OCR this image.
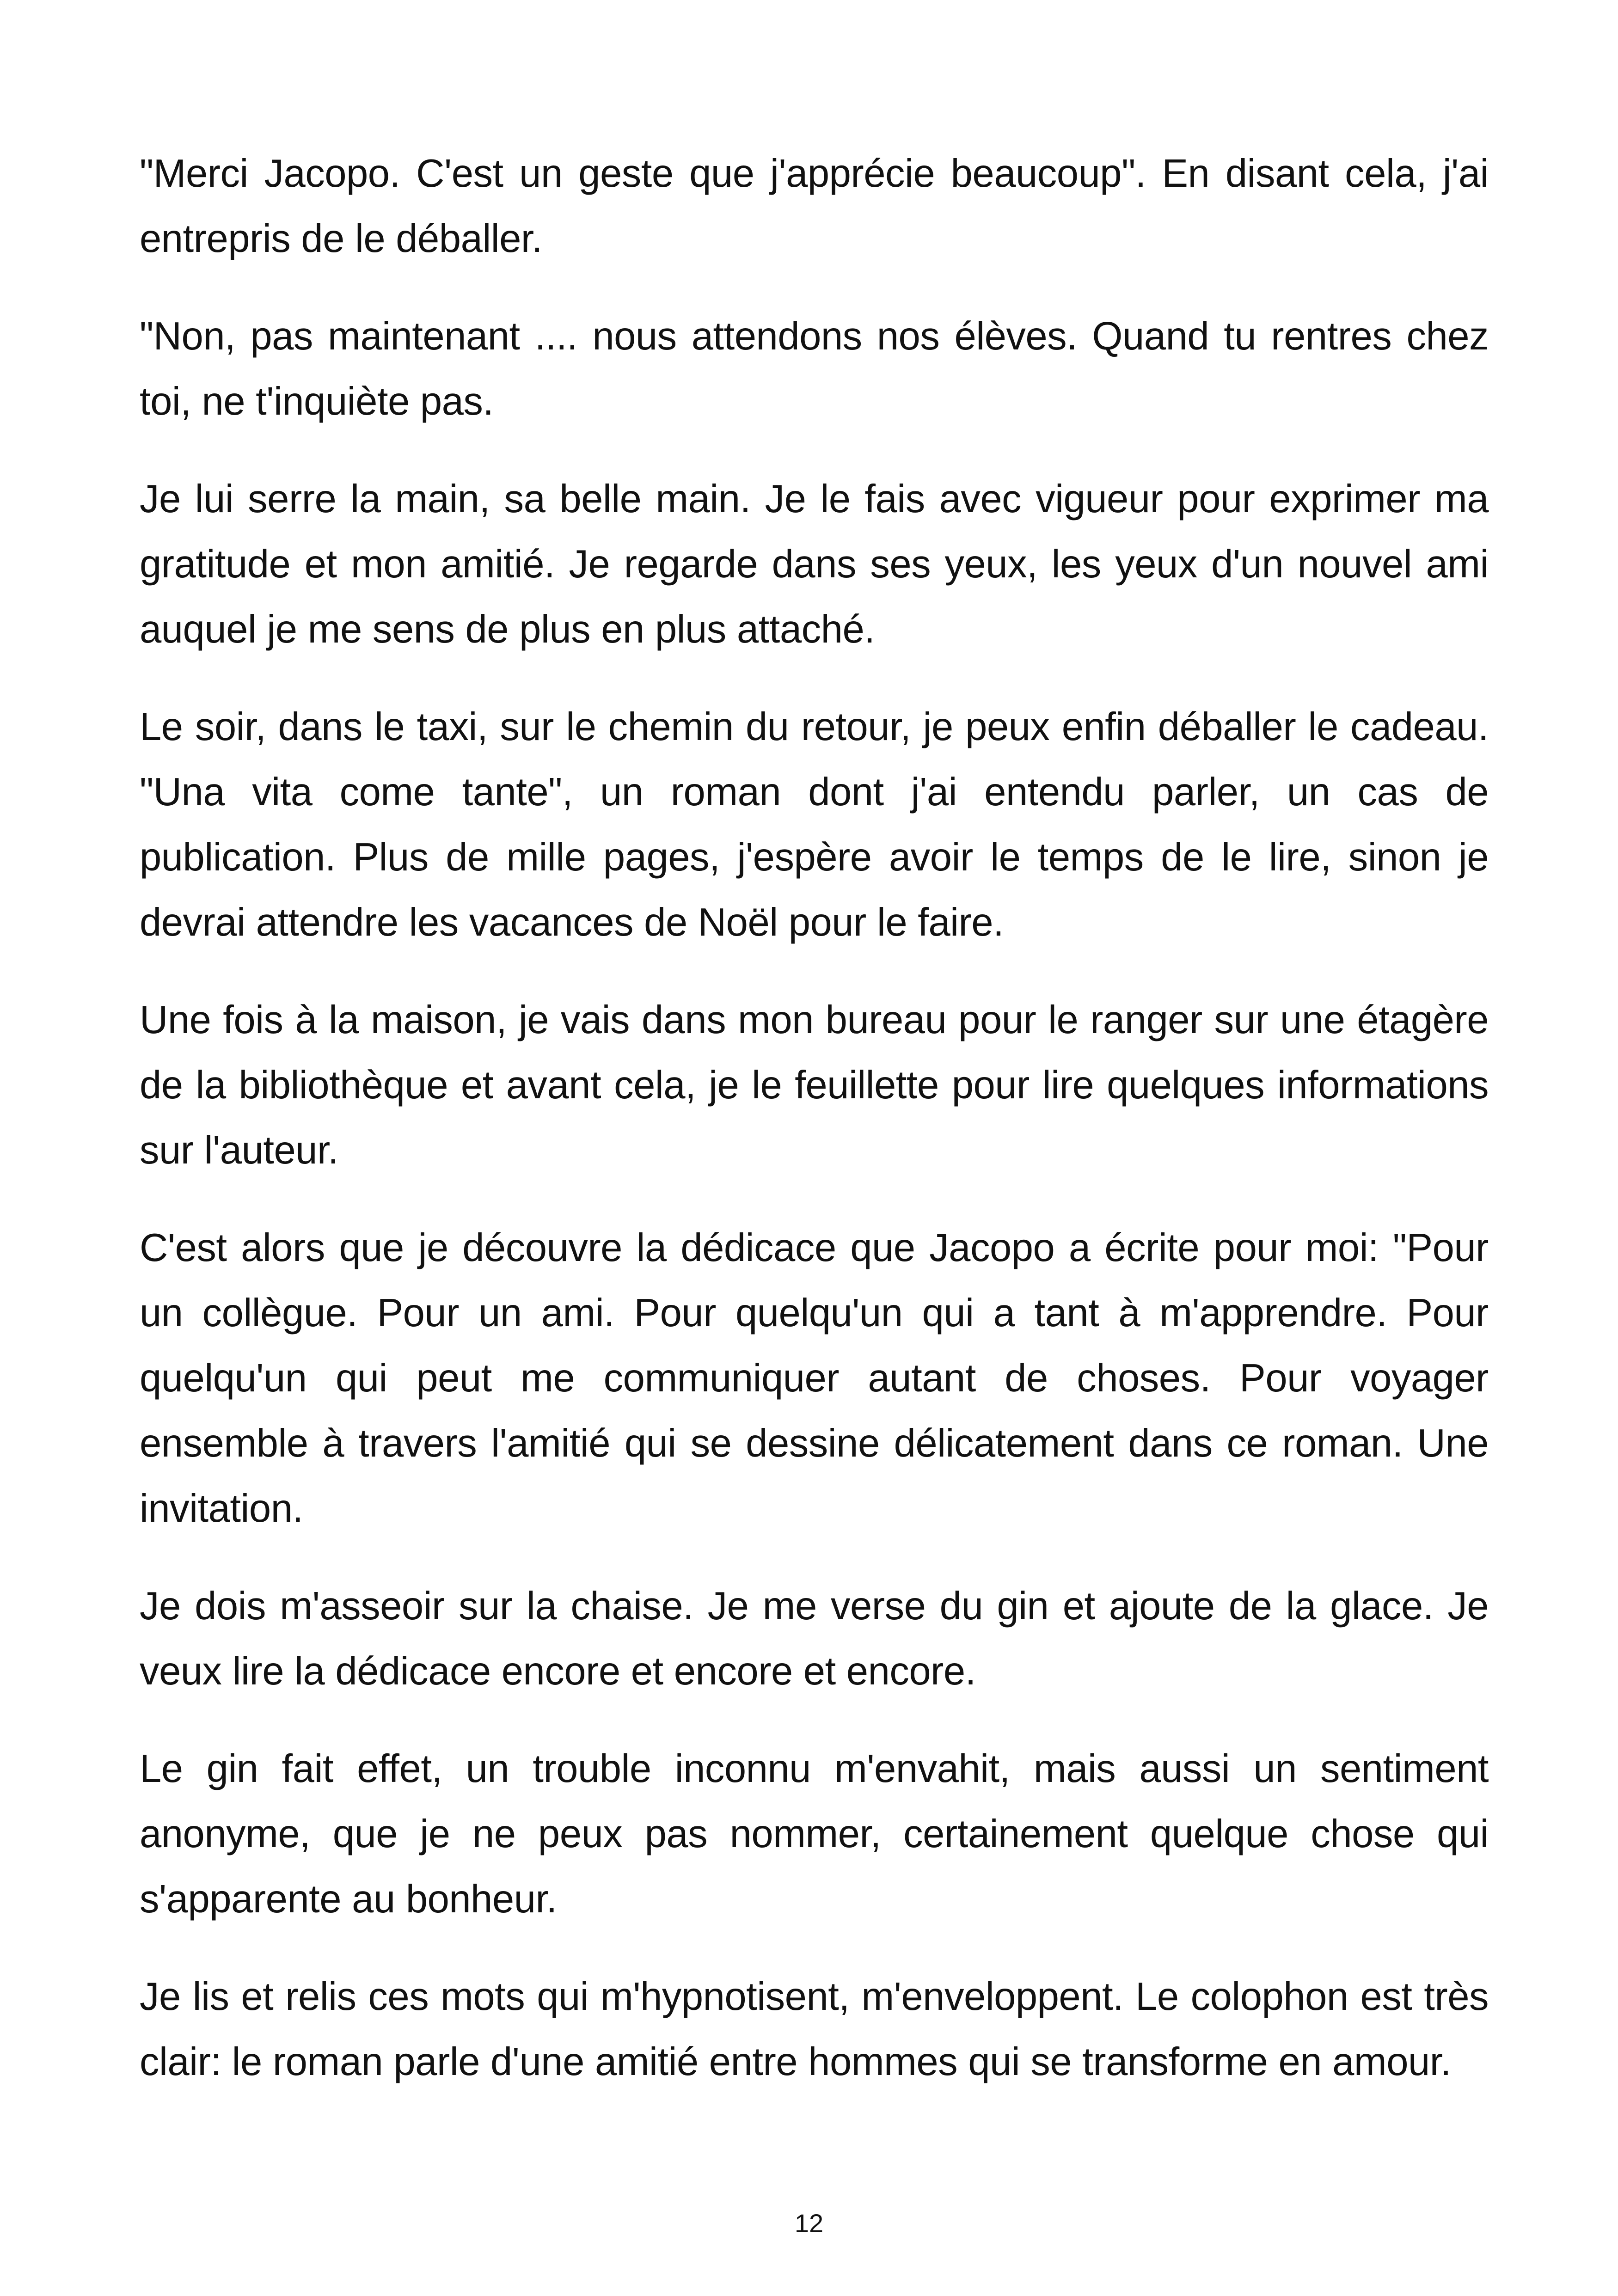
"Merci Jacopo. C'est un geste que j'apprécie beaucoup". En disant cela, j'ai entrepris de le déballer.

"Non, pas maintenant .... nous attendons nos élèves. Quand tu rentres chez toi, ne t'inquiète pas.

Je lui serre la main, sa belle main. Je le fais avec vigueur pour exprimer ma gratitude et mon amitié. Je regarde dans ses yeux, les yeux d'un nouvel ami auquel je me sens de plus en plus attaché.

Le soir, dans le taxi, sur le chemin du retour, je peux enfin déballer le cadeau. "Una vita come tante", un roman dont j'ai entendu parler, un cas de publication. Plus de mille pages, j'espère avoir le temps de le lire, sinon je devrai attendre les vacances de Noël pour le faire.

Une fois à la maison, je vais dans mon bureau pour le ranger sur une étagère de la bibliothèque et avant cela, je le feuillette pour lire quelques informations sur l'auteur.

C'est alors que je découvre la dédicace que Jacopo a écrite pour moi: "Pour un collègue. Pour un ami. Pour quelqu'un qui a tant à m'apprendre. Pour quelqu'un qui peut me communiquer autant de choses. Pour voyager ensemble à travers l'amitié qui se dessine délicatement dans ce roman. Une invitation.

Je dois m'asseoir sur la chaise. Je me verse du gin et ajoute de la glace. Je veux lire la dédicace encore et encore et encore.

Le gin fait effet, un trouble inconnu m'envahit, mais aussi un sentiment anonyme, que je ne peux pas nommer, certainement quelque chose qui s'apparente au bonheur.

Je lis et relis ces mots qui m'hypnotisent, m'enveloppent. Le colophon est très clair: le roman parle d'une amitié entre hommes qui se transforme en amour.

12
